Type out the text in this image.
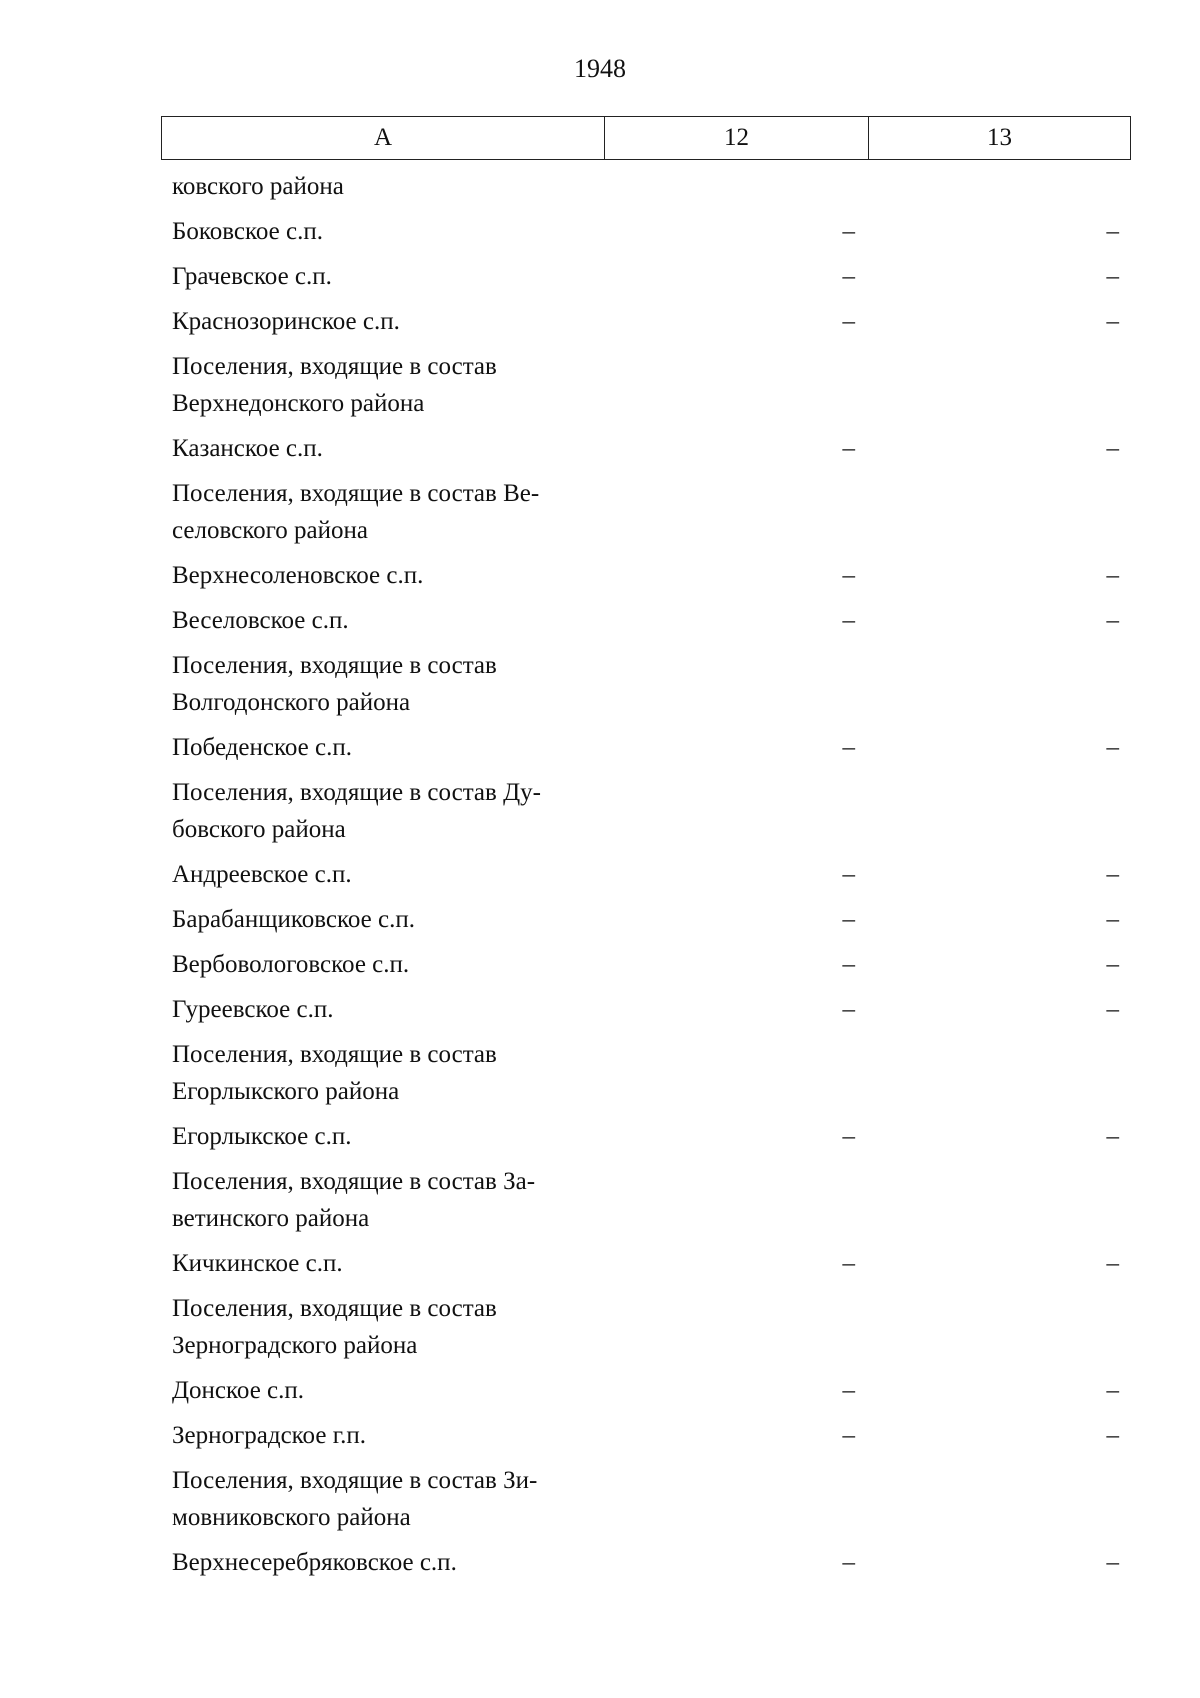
1948
А	12	13
ковского района
Боковское с.п.	–	–
Грачевское с.п.	–	–
Краснозоринское с.п.	–	–
Поселения, входящие в состав
Верхнедонского района
Казанское с.п.	–	–
Поселения, входящие в состав Ве-
селовского района
Верхнесоленовское с.п.	–	–
Веселовское с.п.	–	–
Поселения, входящие в состав
Волгодонского района
Победенское с.п.	–	–
Поселения, входящие в состав Ду-
бовского района
Андреевское с.п.	–	–
Барабанщиковское с.п.	–	–
Вербовологовское с.п.	–	–
Гуреевское с.п.	–	–
Поселения, входящие в состав
Егорлыкского района
Егорлыкское с.п.	–	–
Поселения, входящие в состав За-
ветинского района
Кичкинское с.п.	–	–
Поселения, входящие в состав
Зерноградского района
Донское с.п.	–	–
Зерноградское г.п.	–	–
Поселения, входящие в состав Зи-
мовниковского района
Верхнесеребряковское с.п.	–	–
